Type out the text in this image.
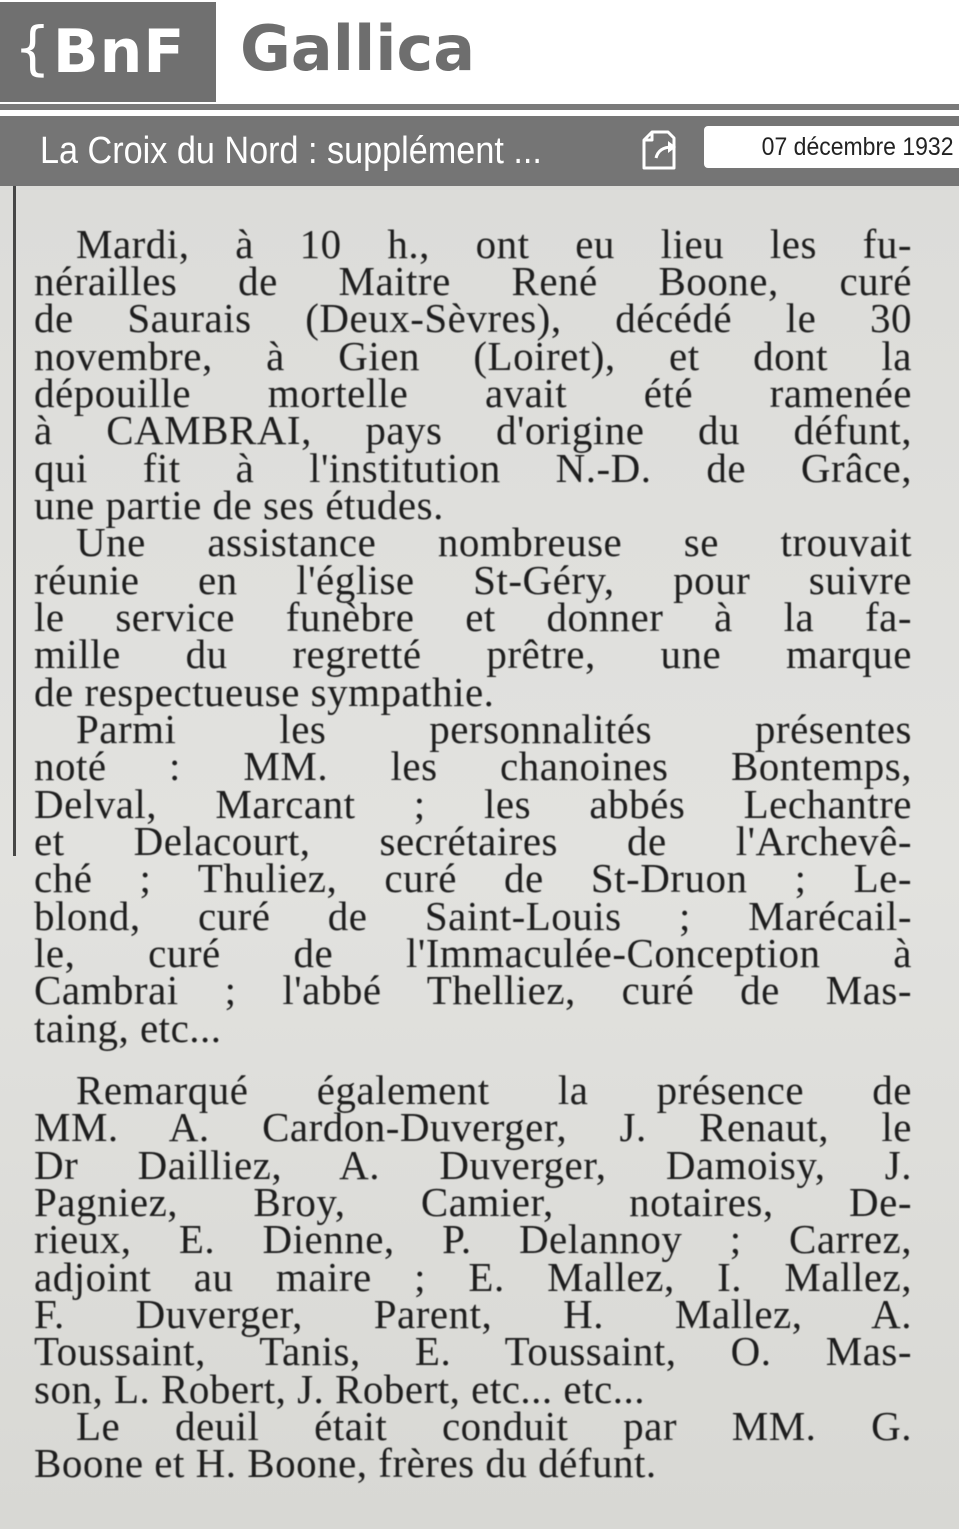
{ BnF Gallica
La Croix du Nord : supplément ...	07 décembre 1932
Mardi, à 10 h., ont eu lieu les fu-
nérailles de Maitre René Boone, curé
de Saurais (Deux-Sèvres), décédé le 30
novembre, à Gien (Loiret), et dont la
dépouille mortelle avait été ramenée
à CAMBRAI, pays d'origine du défunt,
qui fit à l'institution N.-D. de Grâce,
une partie de ses études.
Une assistance nombreuse se trouvait
réunie en l'église St-Géry, pour suivre
le service funèbre et donner à la fa-
mille du regretté prêtre, une marque
de respectueuse sympathie.
Parmi les personnalités présentes
noté : MM. les chanoines Bontemps,
Delval, Marcant ; les abbés Lechantre
et Delacourt, secrétaires de l'Archevê-
ché ; Thuliez, curé de St-Druon ; Le-
blond, curé de Saint-Louis ; Marécail-
le, curé de l'Immaculée-Conception à
Cambrai ; l'abbé Thelliez, curé de Mas-
taing, etc...
Remarqué également la présence de
MM. A. Cardon-Duverger, J. Renaut, le
Dr Dailliez, A. Duverger, Damoisy, J.
Pagniez, Broy, Camier, notaires, De-
rieux, E. Dienne, P. Delannoy ; Carrez,
adjoint au maire ; E. Mallez, I. Mallez,
F. Duverger, Parent, H. Mallez, A.
Toussaint, Tanis, E. Toussaint, O. Mas-
son, L. Robert, J. Robert, etc... etc...
Le deuil était conduit par MM. G.
Boone et H. Boone, frères du défunt.
